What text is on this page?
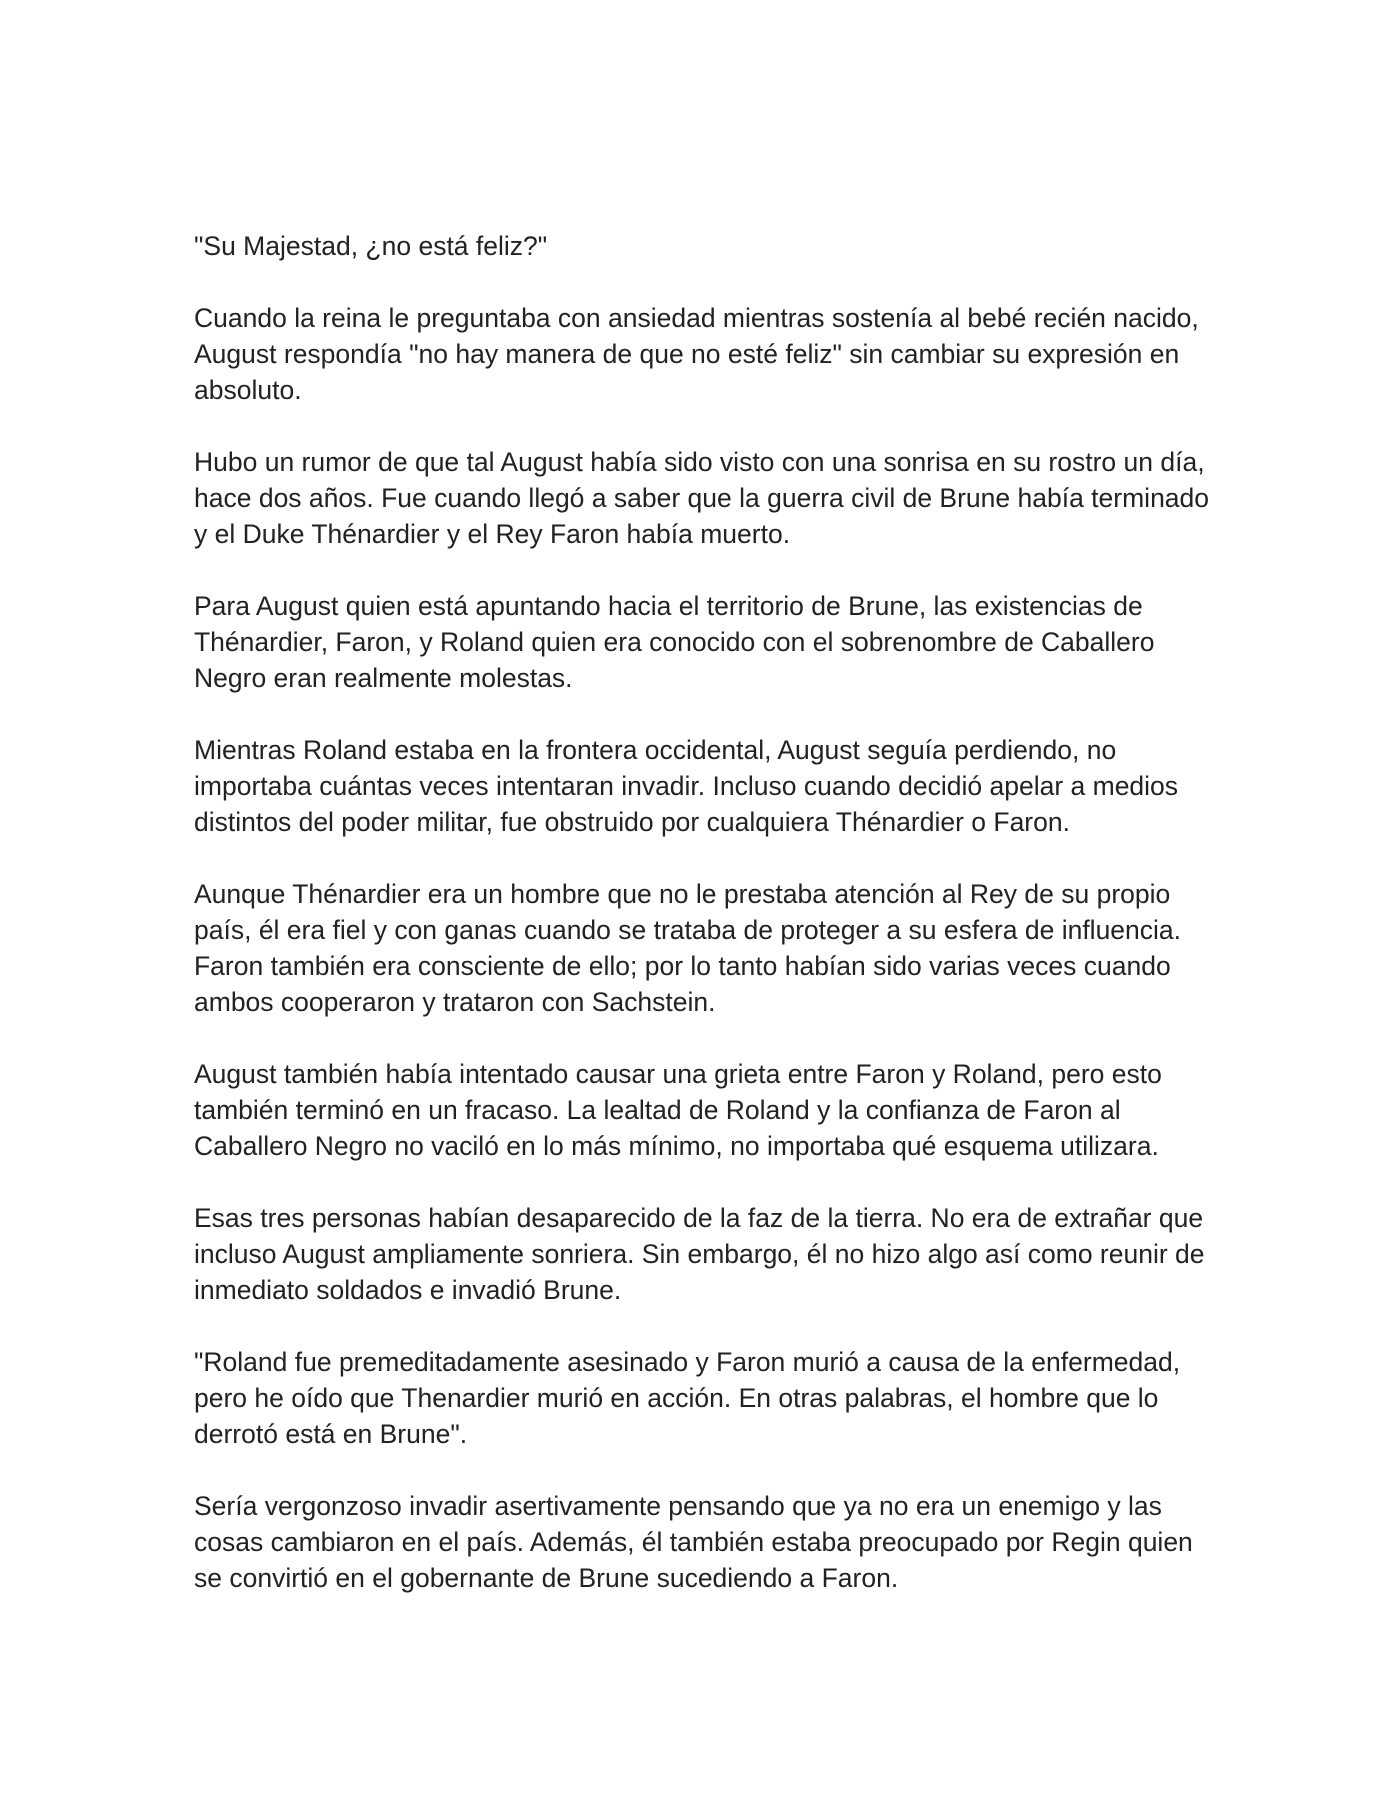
"Su Majestad, ¿no está feliz?"

Cuando la reina le preguntaba con ansiedad mientras sostenía al bebé recién nacido, August respondía "no hay manera de que no esté feliz" sin cambiar su expresión en absoluto.

Hubo un rumor de que tal August había sido visto con una sonrisa en su rostro un día, hace dos años. Fue cuando llegó a saber que la guerra civil de Brune había terminado y el Duke Thénardier y el Rey Faron había muerto.

Para August quien está apuntando hacia el territorio de Brune, las existencias de Thénardier, Faron, y Roland quien era conocido con el sobrenombre de Caballero Negro eran realmente molestas.

Mientras Roland estaba en la frontera occidental, August seguía perdiendo, no importaba cuántas veces intentaran invadir. Incluso cuando decidió apelar a medios distintos del poder militar, fue obstruido por cualquiera Thénardier o Faron.

Aunque Thénardier era un hombre que no le prestaba atención al Rey de su propio país, él era fiel y con ganas cuando se trataba de proteger a su esfera de influencia. Faron también era consciente de ello; por lo tanto habían sido varias veces cuando ambos cooperaron y trataron con Sachstein.

August también había intentado causar una grieta entre Faron y Roland, pero esto también terminó en un fracaso. La lealtad de Roland y la confianza de Faron al Caballero Negro no vaciló en lo más mínimo, no importaba qué esquema utilizara.

Esas tres personas habían desaparecido de la faz de la tierra. No era de extrañar que incluso August ampliamente sonriera. Sin embargo, él no hizo algo así como reunir de inmediato soldados e invadió Brune.

"Roland fue premeditadamente asesinado y Faron murió a causa de la enfermedad, pero he oído que Thenardier murió en acción. En otras palabras, el hombre que lo derrotó está en Brune".

Sería vergonzoso invadir asertivamente pensando que ya no era un enemigo y las cosas cambiaron en el país. Además, él también estaba preocupado por Regin quien se convirtió en el gobernante de Brune sucediendo a Faron.
